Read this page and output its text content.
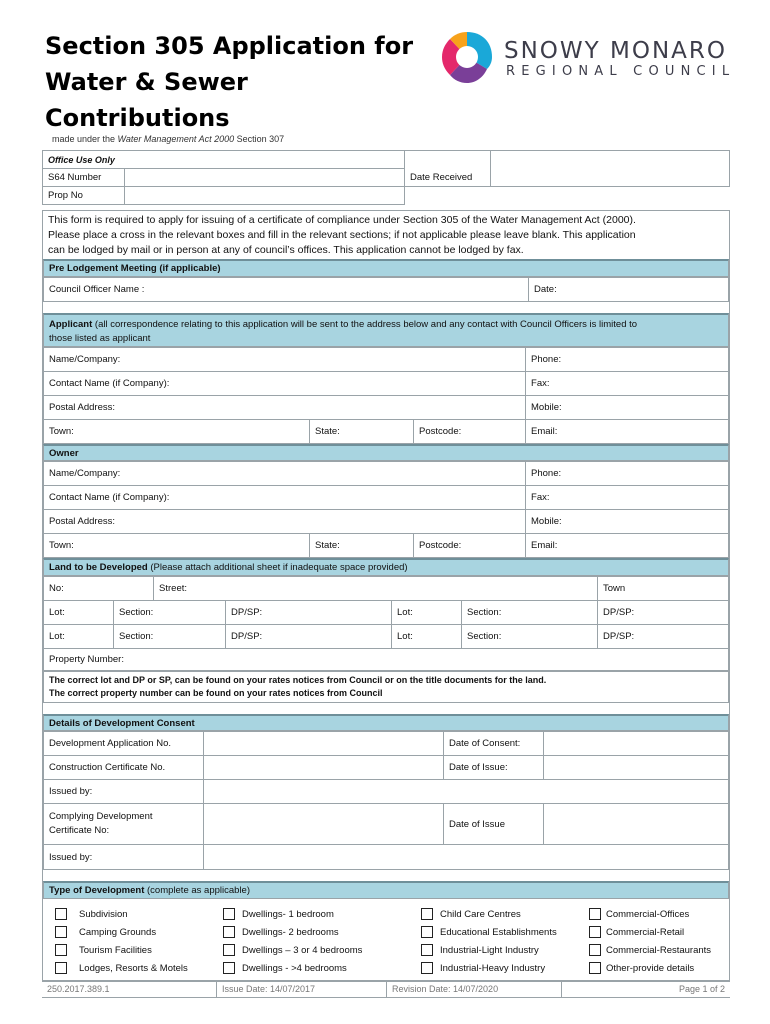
Section 305 Application for
Water & Sewer
Contributions
SNOWY MONARO
REGIONAL COUNCIL
made under the Water Management Act 2000 Section 307
Office Use Only			
S64 Number		Date Received	
Prop No			
This form is required to apply for issuing of a certificate of compliance under Section 305 of the Water Management Act (2000).
Please place a cross in the relevant boxes and fill in the relevant sections; if not applicable please leave blank. This application
can be lodged by mail or in person at any of council’s offices. This application cannot be lodged by fax.
Pre Lodgement Meeting (if applicable)
Council Officer Name :	Date:
Applicant (all correspondence relating to this application will be sent to the address below and any contact with Council Officers is limited to
those listed as applicant
Name/Company:			Phone:
Contact Name (if Company):			Fax:
Postal Address:			Mobile:
Town:	State:	Postcode:	Email:
Owner
Name/Company:			Phone:
Contact Name (if Company):			Fax:
Postal Address:			Mobile:
Town:	State:	Postcode:	Email:
Land to be Developed (Please attach additional sheet if inadequate space provided)
No:		Street:				Town
Lot:	Section:		DP/SP:	Lot:	Section:	DP/SP:
Lot:	Section:		DP/SP:	Lot:	Section:	DP/SP:
Property Number:						
The correct lot and DP or SP, can be found on your rates notices from Council or on the title documents for the land.
The correct property number can be found on your rates notices from Council
Details of Development Consent
Development Application No.		Date of Consent:	
Construction Certificate No.		Date of Issue:	
Issued by:			

Complying Development
Certificate No:		Date of Issue	
Issued by:			
Type of Development (complete as applicable)
	Subdivision		Dwellings- 1 bedroom		Child Care Centres		Commercial-Offices
	Camping Grounds		Dwellings- 2 bedrooms		Educational Establishments		Commercial-Retail
	Tourism Facilities		Dwellings – 3 or 4 bedrooms		Industrial-Light Industry		Commercial-Restaurants
	Lodges, Resorts & Motels		Dwellings - >4 bedrooms		Industrial-Heavy Industry		Other-provide details
250.2017.389.1	Issue Date: 14/07/2017	Revision Date: 14/07/2020	Page 1 of 2
